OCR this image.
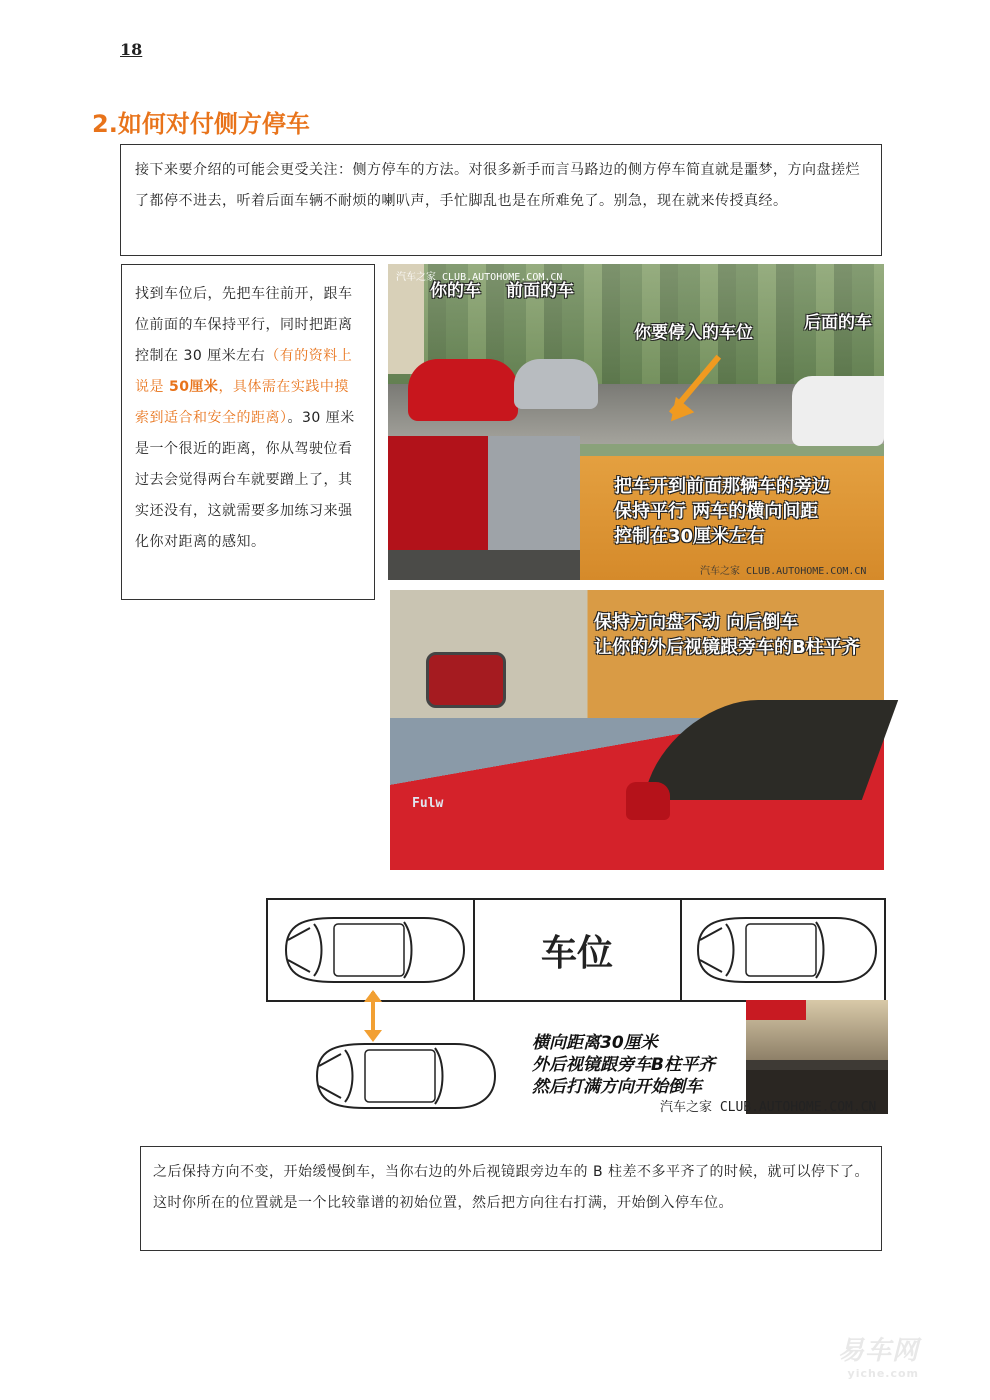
18
2.如何对付侧方停车
接下来要介绍的可能会更受关注：侧方停车的方法。对很多新手而言马路边的侧方停车简直就是噩梦，方向盘搓烂了都停不进去，听着后面车辆不耐烦的喇叭声，手忙脚乱也是在所难免了。别急，现在就来传授真经。
找到车位后，先把车往前开，跟车位前面的车保持平行，同时把距离控制在 30 厘米左右（有的资料上说是 50厘米，具体需在实践中摸索到适合和安全的距离）。30 厘米是一个很近的距离，你从驾驶位看过去会觉得两台车就要蹭上了，其实还没有，这就需要多加练习来强化你对距离的感知。
汽车之家 CLUB.AUTOHOME.COM.CN
你的车 前面的车
你要停入的车位	后面的车
把车开到前面那辆车的旁边
保持平行 两车的横向间距
控制在30厘米左右
汽车之家 CLUB.AUTOHOME.COM.CN
保持方向盘不动 向后倒车
让你的外后视镜跟旁车的B柱平齐
Fulw
车位
横向距离30厘米
外后视镜跟旁车B柱平齐
然后打满方向开始倒车
汽车之家 CLUB.AUTOHOME.COM.CN
之后保持方向不变，开始缓慢倒车，当你右边的外后视镜跟旁边车的 B 柱差不多平齐了的时候，就可以停下了。这时你所在的位置就是一个比较靠谱的初始位置，然后把方向往右打满，开始倒入停车位。
易车网
yiche.com
